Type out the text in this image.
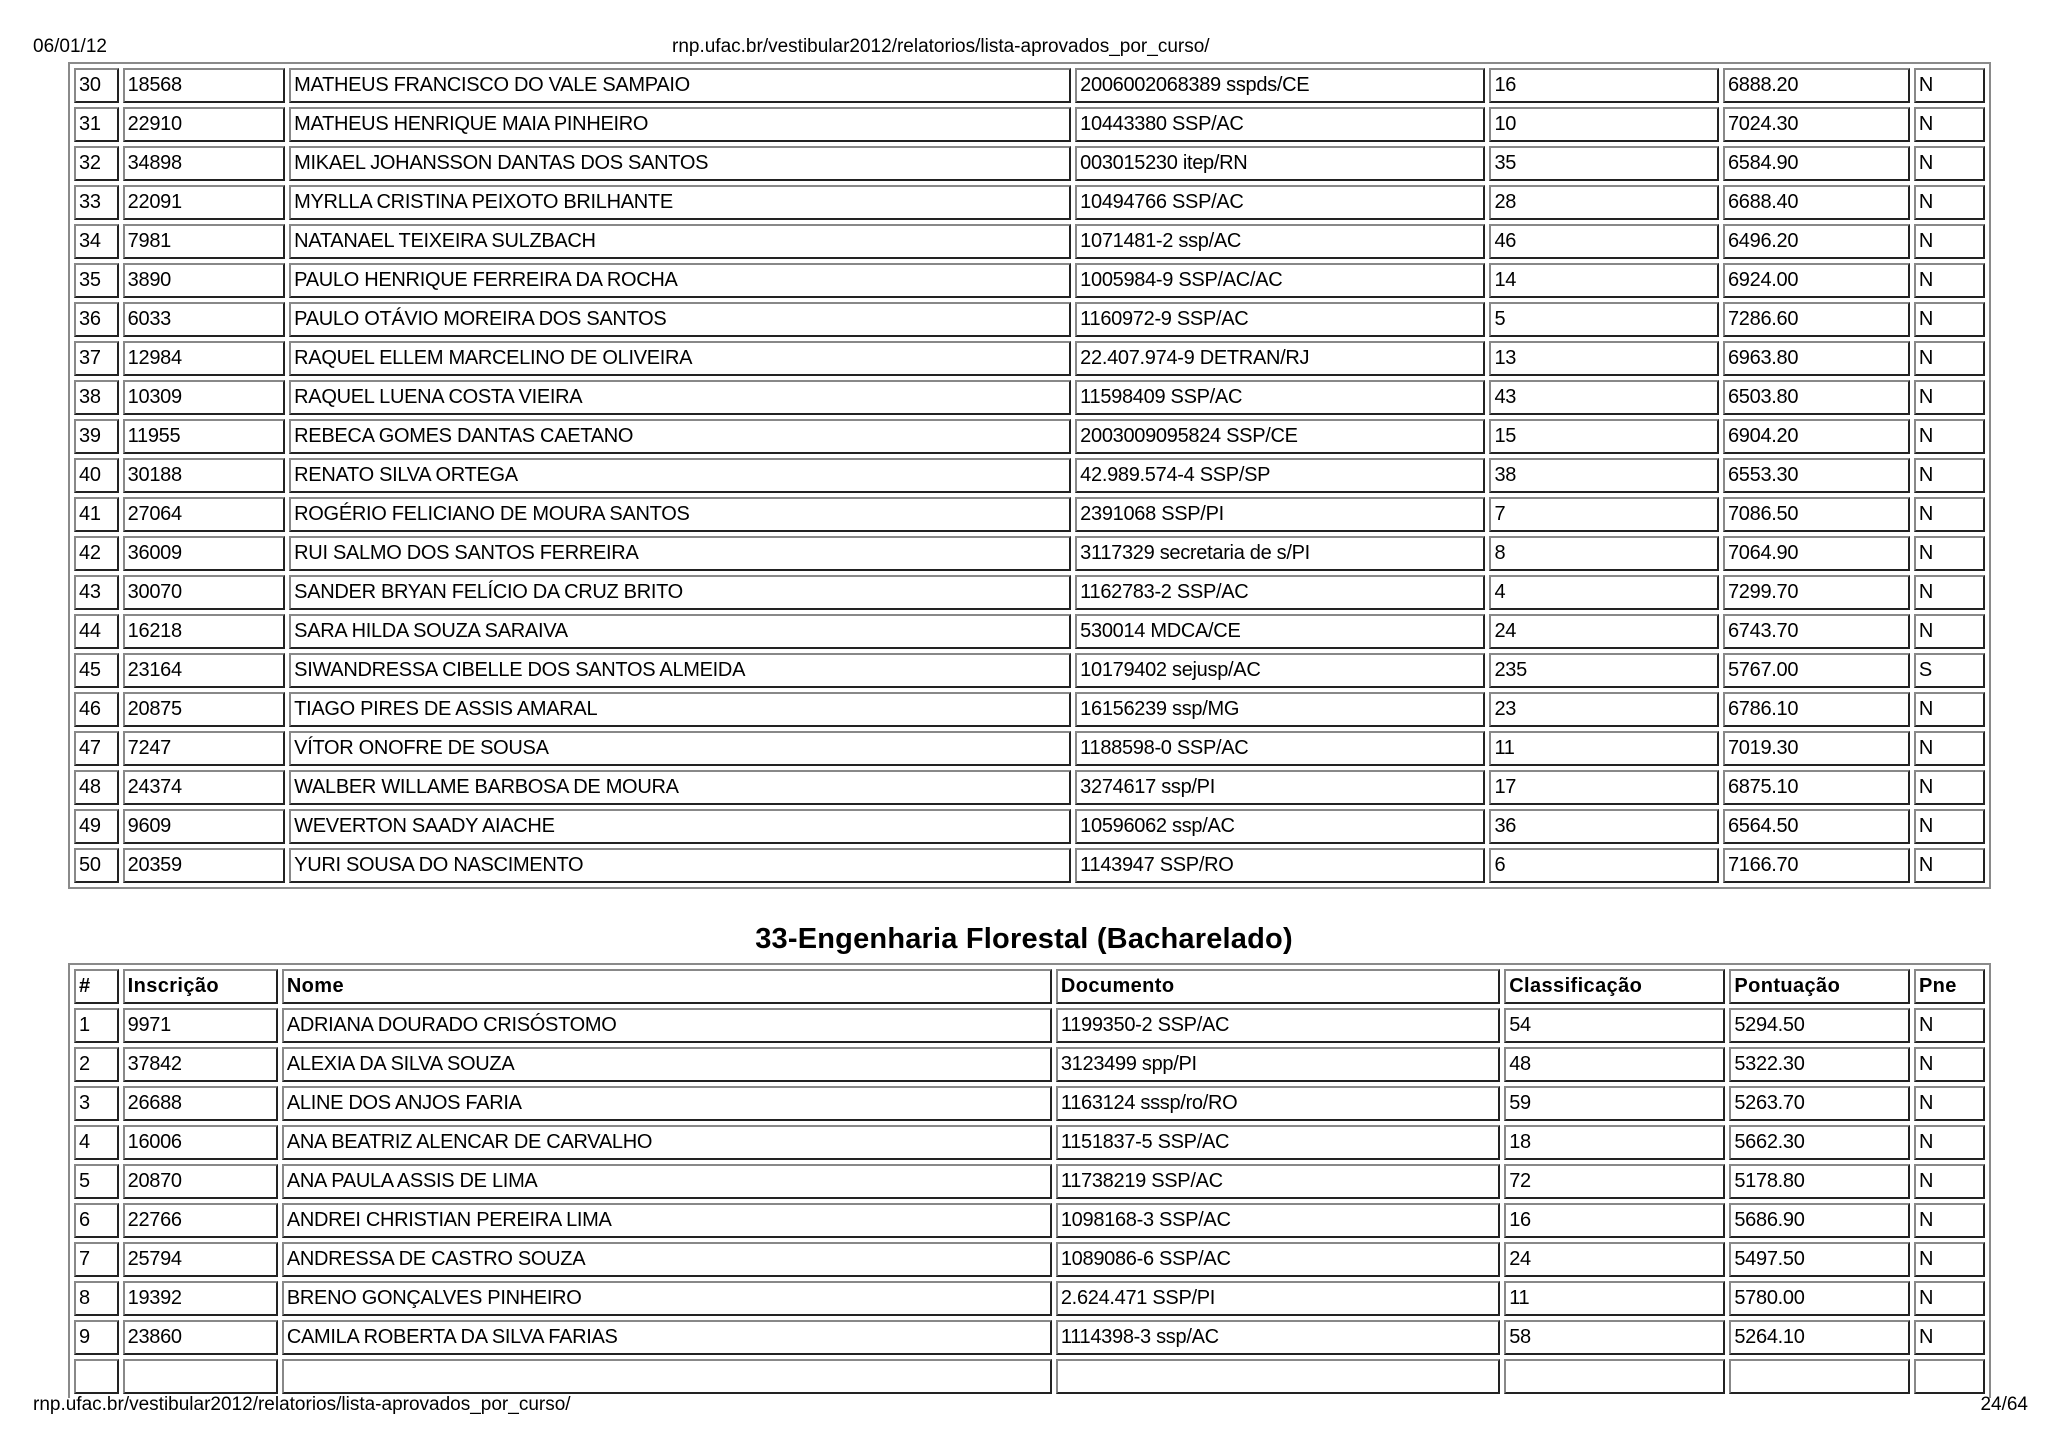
06/01/12	rnp.ufac.br/vestibular2012/relatorios/lista-aprovados_por_curso/
30	18568	MATHEUS FRANCISCO DO VALE SAMPAIO	2006002068389 sspds/CE	16	6888.20	N
31	22910	MATHEUS HENRIQUE MAIA PINHEIRO	10443380 SSP/AC	10	7024.30	N
32	34898	MIKAEL JOHANSSON DANTAS DOS SANTOS	003015230 itep/RN	35	6584.90	N
33	22091	MYRLLA CRISTINA PEIXOTO BRILHANTE	10494766 SSP/AC	28	6688.40	N
34	7981	NATANAEL TEIXEIRA SULZBACH	1071481-2 ssp/AC	46	6496.20	N
35	3890	PAULO HENRIQUE FERREIRA DA ROCHA	1005984-9 SSP/AC/AC	14	6924.00	N
36	6033	PAULO OTÁVIO MOREIRA DOS SANTOS	1160972-9 SSP/AC	5	7286.60	N
37	12984	RAQUEL ELLEM MARCELINO DE OLIVEIRA	22.407.974-9 DETRAN/RJ	13	6963.80	N
38	10309	RAQUEL LUENA COSTA VIEIRA	11598409 SSP/AC	43	6503.80	N
39	11955	REBECA GOMES DANTAS CAETANO	2003009095824 SSP/CE	15	6904.20	N
40	30188	RENATO SILVA ORTEGA	42.989.574-4 SSP/SP	38	6553.30	N
41	27064	ROGÉRIO FELICIANO DE MOURA SANTOS	2391068 SSP/PI	7	7086.50	N
42	36009	RUI SALMO DOS SANTOS FERREIRA	3117329 secretaria de s/PI	8	7064.90	N
43	30070	SANDER BRYAN FELÍCIO DA CRUZ BRITO	1162783-2 SSP/AC	4	7299.70	N
44	16218	SARA HILDA SOUZA SARAIVA	530014 MDCA/CE	24	6743.70	N
45	23164	SIWANDRESSA CIBELLE DOS SANTOS ALMEIDA	10179402 sejusp/AC	235	5767.00	S
46	20875	TIAGO PIRES DE ASSIS AMARAL	16156239 ssp/MG	23	6786.10	N
47	7247	VÍTOR ONOFRE DE SOUSA	1188598-0 SSP/AC	11	7019.30	N
48	24374	WALBER WILLAME BARBOSA DE MOURA	3274617 ssp/PI	17	6875.10	N
49	9609	WEVERTON SAADY AIACHE	10596062 ssp/AC	36	6564.50	N
50	20359	YURI SOUSA DO NASCIMENTO	1143947 SSP/RO	6	7166.70	N
33-Engenharia Florestal (Bacharelado)
#	Inscrição	Nome	Documento	Classificação	Pontuação	Pne
1	9971	ADRIANA DOURADO CRISÓSTOMO	1199350-2 SSP/AC	54	5294.50	N
2	37842	ALEXIA DA SILVA SOUZA	3123499 spp/PI	48	5322.30	N
3	26688	ALINE DOS ANJOS FARIA	1163124 sssp/ro/RO	59	5263.70	N
4	16006	ANA BEATRIZ ALENCAR DE CARVALHO	1151837-5 SSP/AC	18	5662.30	N
5	20870	ANA PAULA ASSIS DE LIMA	11738219 SSP/AC	72	5178.80	N
6	22766	ANDREI CHRISTIAN PEREIRA LIMA	1098168-3 SSP/AC	16	5686.90	N
7	25794	ANDRESSA DE CASTRO SOUZA	1089086-6 SSP/AC	24	5497.50	N
8	19392	BRENO GONÇALVES PINHEIRO	2.624.471 SSP/PI	11	5780.00	N
9	23860	CAMILA ROBERTA DA SILVA FARIAS	1114398-3 ssp/AC	58	5264.10	N

rnp.ufac.br/vestibular2012/relatorios/lista-aprovados_por_curso/	24/64
